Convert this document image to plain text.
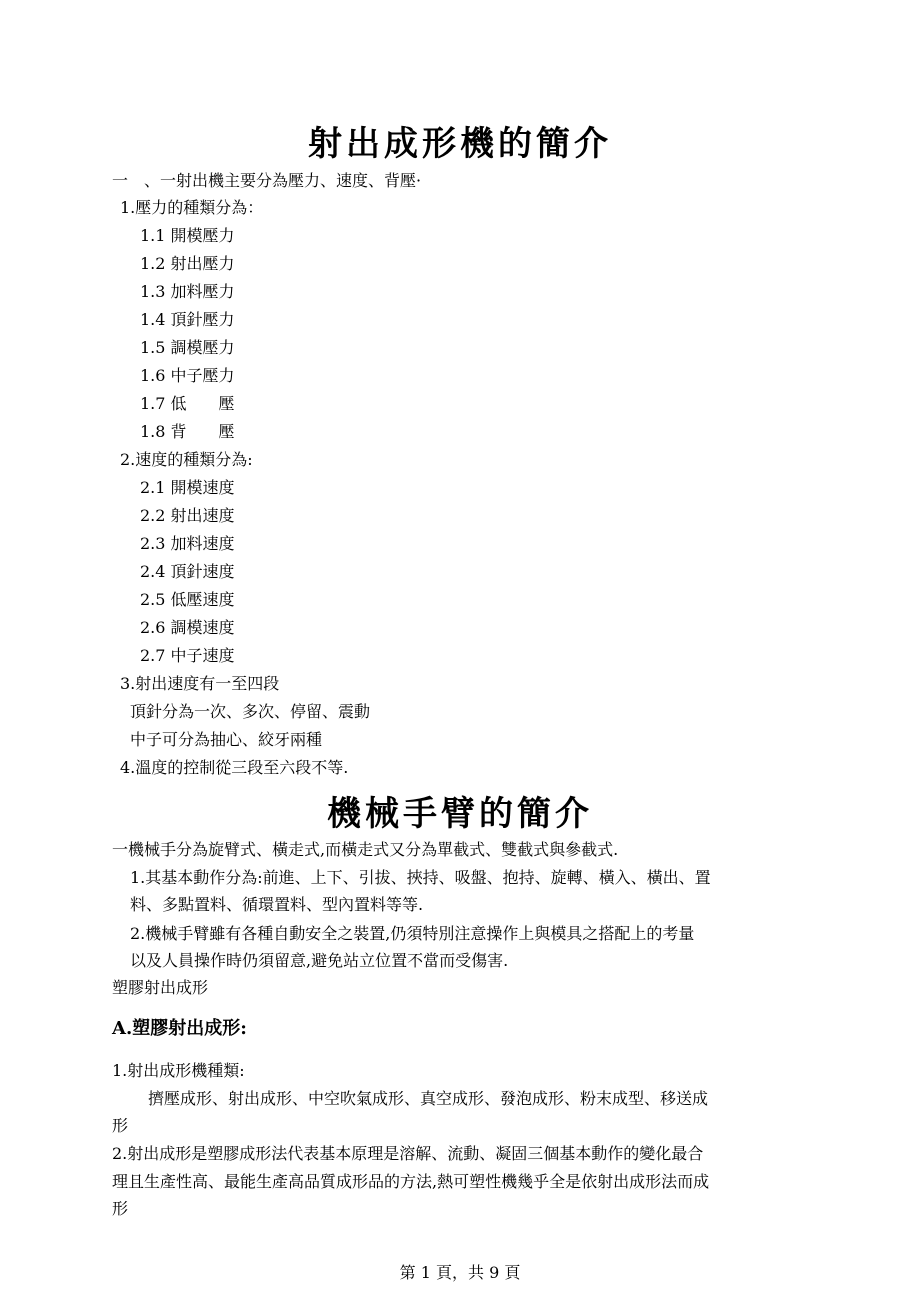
射出成形機的簡介
一　、一射出機主要分為壓力、速度、背壓·
1.壓力的種類分為：
1.1 開模壓力
1.2 射出壓力
1.3 加料壓力
1.4 頂針壓力
1.5 調模壓力
1.6 中子壓力
1.7 低　　壓
1.8 背　　壓
2.速度的種類分為:
2.1 開模速度
2.2 射出速度
2.3 加料速度
2.4 頂針速度
2.5 低壓速度
2.6 調模速度
2.7 中子速度
3.射出速度有一至四段
頂針分為一次、多次、停留、震動
中子可分為抽心、絞牙兩種
4.溫度的控制從三段至六段不等.
機械手臂的簡介
一機械手分為旋臂式、橫走式,而橫走式又分為單截式、雙截式與參截式.
1.其基本動作分為:前進、上下、引拔、挾持、吸盤、抱持、旋轉、橫入、橫出、置
料、多點置料、循環置料、型內置料等等.
2.機械手臂雖有各種自動安全之裝置,仍須特別注意操作上與模具之搭配上的考量
以及人員操作時仍須留意,避免站立位置不當而受傷害.
塑膠射出成形
A.塑膠射出成形:
1.射出成形機種類:
擠壓成形、射出成形、中空吹氣成形、真空成形、發泡成形、粉末成型、移送成
形
2.射出成形是塑膠成形法代表基本原理是溶解、流動、凝固三個基本動作的變化最合
理且生產性高、最能生產高品質成形品的方法,熱可塑性機幾乎全是依射出成形法而成
形
第 1 頁，共 9 頁
